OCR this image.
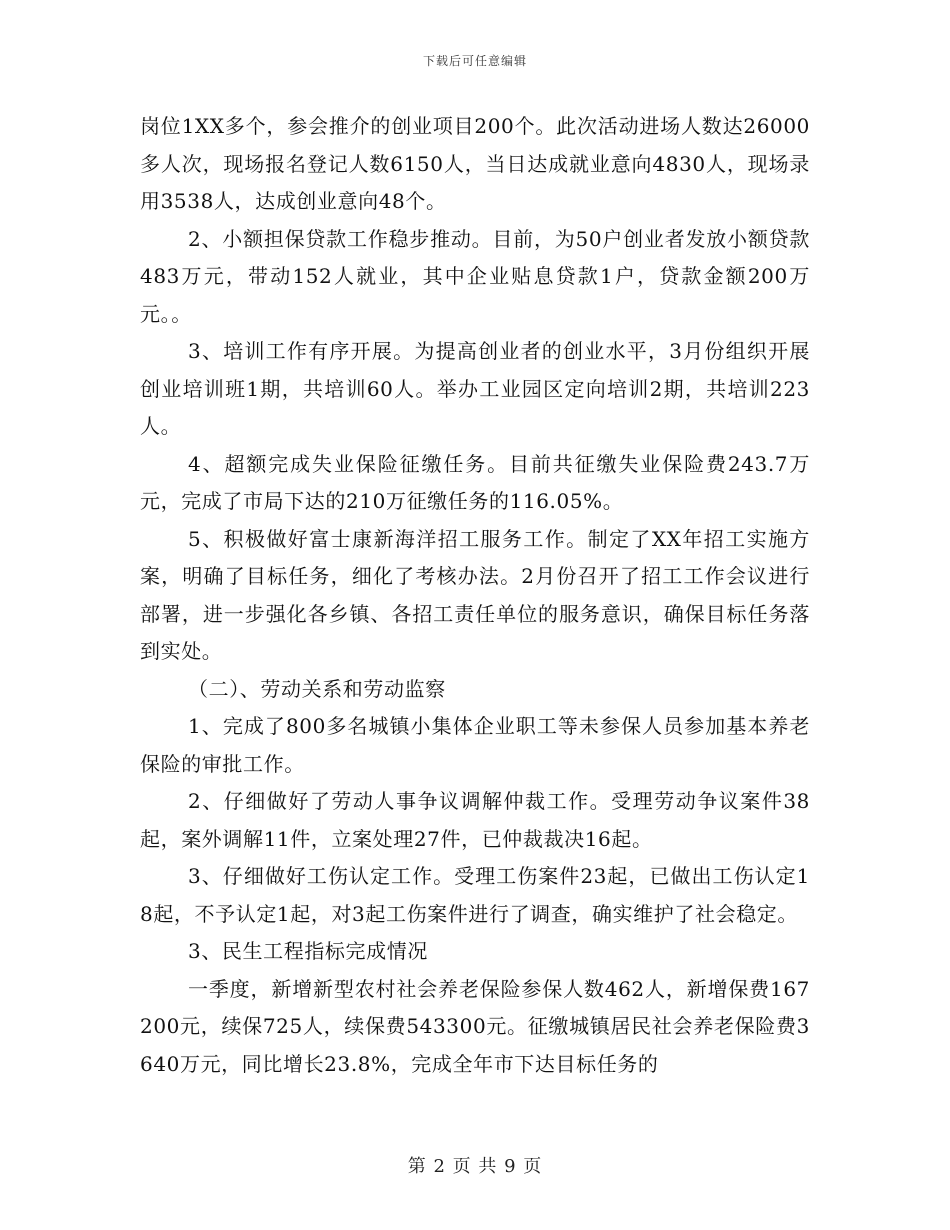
下载后可任意编辑

岗位1XX多个，参会推介的创业项目200个。此次活动进场人数达26000多人次，现场报名登记人数6150人，当日达成就业意向4830人，现场录用3538人，达成创业意向48个。

2、小额担保贷款工作稳步推动。目前，为50户创业者发放小额贷款483万元，带动152人就业，其中企业贴息贷款1户，贷款金额200万元。。

3、培训工作有序开展。为提高创业者的创业水平，3月份组织开展创业培训班1期，共培训60人。举办工业园区定向培训2期，共培训223人。

4、超额完成失业保险征缴任务。目前共征缴失业保险费243.7万元，完成了市局下达的210万征缴任务的116.05%。

5、积极做好富士康新海洋招工服务工作。制定了XX年招工实施方案，明确了目标任务，细化了考核办法。2月份召开了招工工作会议进行部署，进一步强化各乡镇、各招工责任单位的服务意识，确保目标任务落到实处。

（二）、劳动关系和劳动监察

1、完成了800多名城镇小集体企业职工等未参保人员参加基本养老保险的审批工作。

2、仔细做好了劳动人事争议调解仲裁工作。受理劳动争议案件38起，案外调解11件，立案处理27件，已仲裁裁决16起。

3、仔细做好工伤认定工作。受理工伤案件23起，已做出工伤认定18起，不予认定1起，对3起工伤案件进行了调查，确实维护了社会稳定。

3、民生工程指标完成情况

一季度，新增新型农村社会养老保险参保人数462人，新增保费167200元，续保725人，续保费543300元。征缴城镇居民社会养老保险费3640万元，同比增长23.8%，完成全年市下达目标任务的

第 2 页 共 9 页
